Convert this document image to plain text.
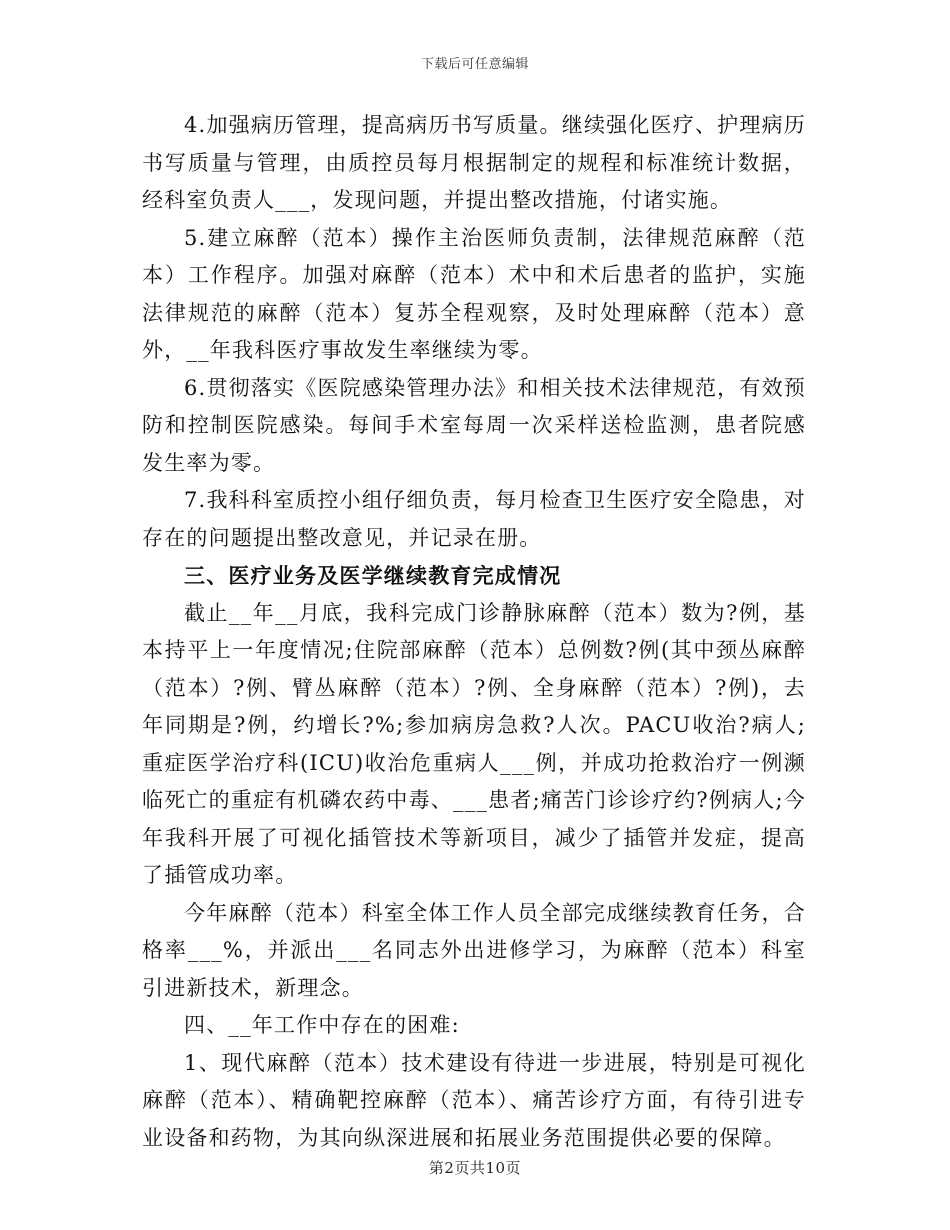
下载后可任意编辑

4.加强病历管理，提高病历书写质量。继续强化医疗、护理病历书写质量与管理，由质控员每月根据制定的规程和标准统计数据，经科室负责人___，发现问题，并提出整改措施，付诸实施。

5.建立麻醉（范本）操作主治医师负责制，法律规范麻醉（范本）工作程序。加强对麻醉（范本）术中和术后患者的监护，实施法律规范的麻醉（范本）复苏全程观察，及时处理麻醉（范本）意外，__年我科医疗事故发生率继续为零。

6.贯彻落实《医院感染管理办法》和相关技术法律规范，有效预防和控制医院感染。每间手术室每周一次采样送检监测，患者院感发生率为零。

7.我科科室质控小组仔细负责，每月检查卫生医疗安全隐患，对存在的问题提出整改意见，并记录在册。

三、医疗业务及医学继续教育完成情况

截止__年__月底，我科完成门诊静脉麻醉（范本）数为?例，基本持平上一年度情况;住院部麻醉（范本）总例数?例(其中颈丛麻醉（范本）?例、臂丛麻醉（范本）?例、全身麻醉（范本）?例)，去年同期是?例，约增长?%;参加病房急救?人次。PACU收治?病人;重症医学治疗科(ICU)收治危重病人___例，并成功抢救治疗一例濒临死亡的重症有机磷农药中毒、___患者;痛苦门诊诊疗约?例病人;今年我科开展了可视化插管技术等新项目，减少了插管并发症，提高了插管成功率。

今年麻醉（范本）科室全体工作人员全部完成继续教育任务，合格率___%，并派出___名同志外出进修学习，为麻醉（范本）科室引进新技术，新理念。

四、__年工作中存在的困难:

1、现代麻醉（范本）技术建设有待进一步进展，特别是可视化麻醉（范本）、精确靶控麻醉（范本）、痛苦诊疗方面，有待引进专业设备和药物，为其向纵深进展和拓展业务范围提供必要的保障。

第2页共10页
